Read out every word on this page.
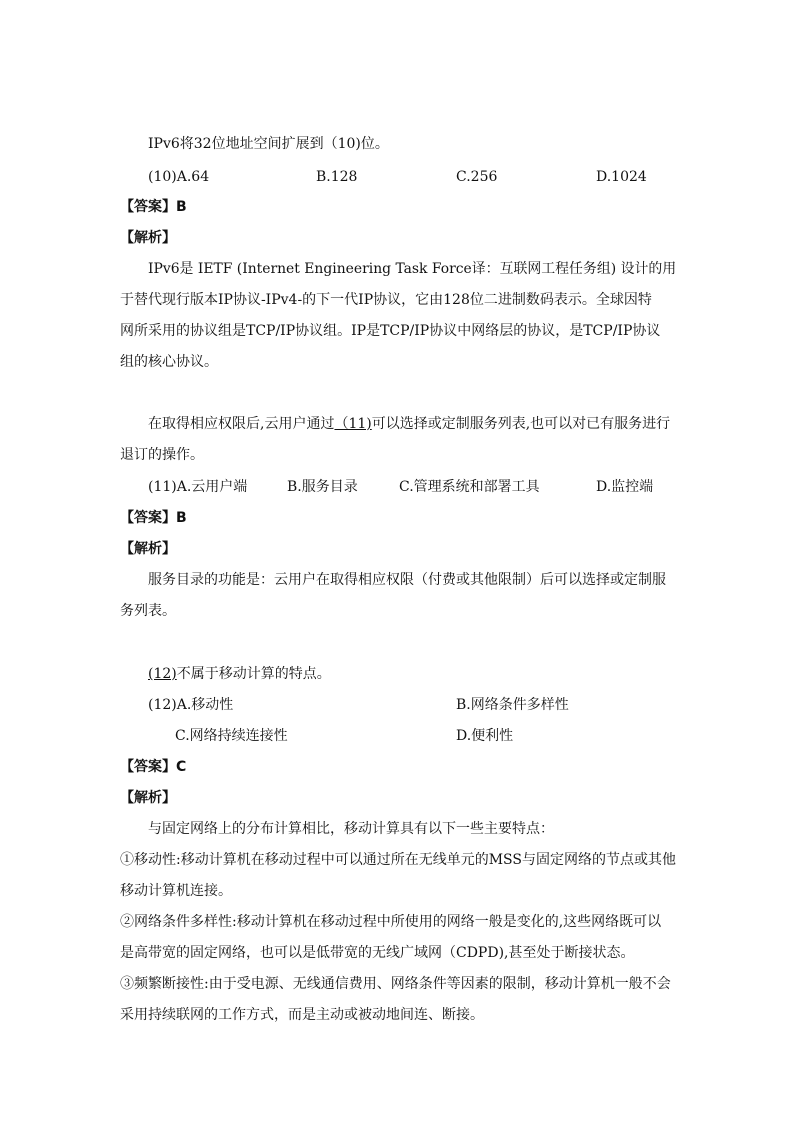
IPv6将32位地址空间扩展到（10)位。
(10)A.64	B.128	C.256	D.1024
【答案】B
【解析】
IPv6是 IETF (Internet Engineering Task Force译：互联网工程任务组) 设计的用
于替代现行版本IP协议-IPv4-的下一代IP协议，它由128位二进制数码表示。全球因特
网所采用的协议组是TCP/IP协议组。IP是TCP/IP协议中网络层的协议，是TCP/IP协议
组的核心协议。
在取得相应权限后,云用户通过（11)可以选择或定制服务列表,也可以对已有服务进行
退订的操作。
(11)A.云用户端	B.服务目录	C.管理系统和部署工具	D.监控端
【答案】B
【解析】
服务目录的功能是：云用户在取得相应权限（付费或其他限制）后可以选择或定制服
务列表。
(12)不属于移动计算的特点。
(12)A.移动性	B.网络条件多样性
C.网络持续连接性	D.便利性
【答案】C
【解析】
与固定网络上的分布计算相比，移动计算具有以下一些主要特点：
①移动性:移动计算机在移动过程中可以通过所在无线单元的MSS与固定网络的节点或其他
移动计算机连接。
②网络条件多样性:移动计算机在移动过程中所使用的网络一般是变化的,这些网络既可以
是高带宽的固定网络，也可以是低带宽的无线广域网（CDPD),甚至处于断接状态。
③频繁断接性:由于受电源、无线通信费用、网络条件等因素的限制，移动计算机一般不会
采用持续联网的工作方式，而是主动或被动地间连、断接。
